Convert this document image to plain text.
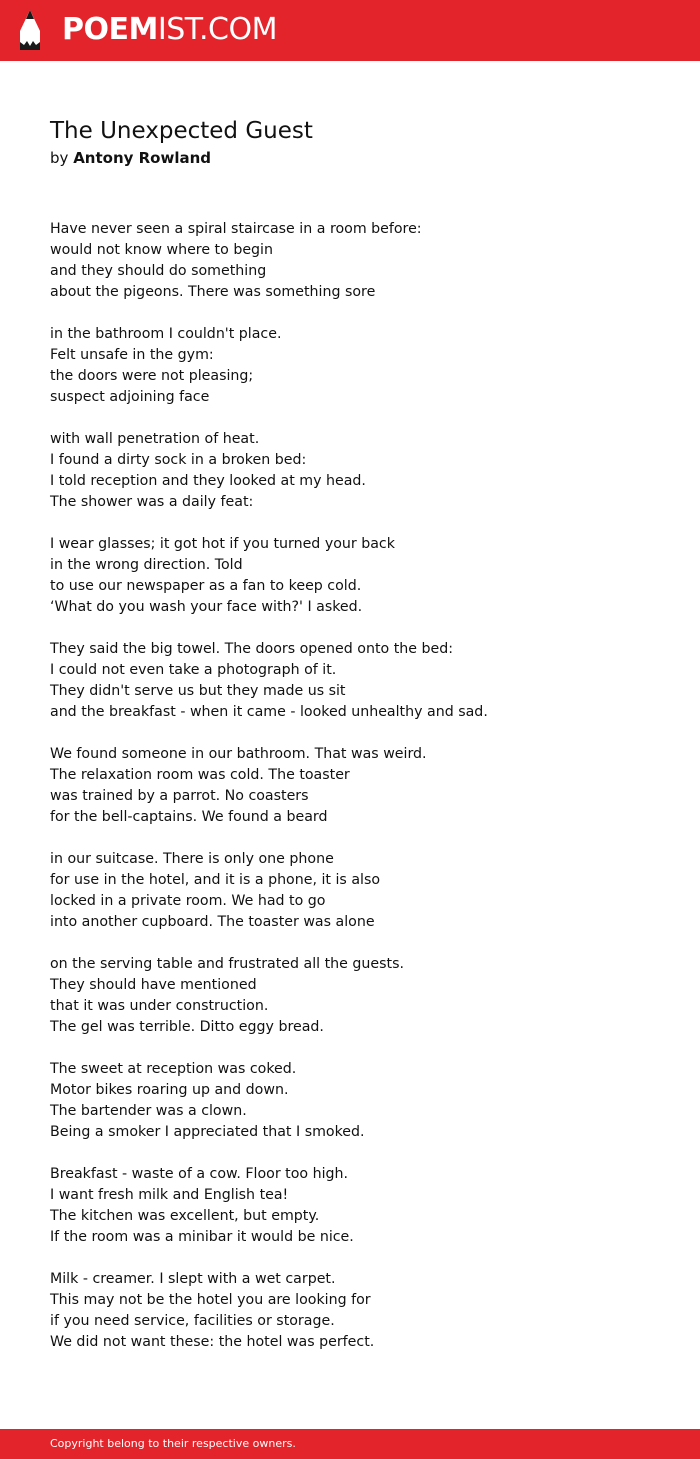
POEMIST.COM
The Unexpected Guest

by Antony Rowland

Have never seen a spiral staircase in a room before:
would not know where to begin
and they should do something
about the pigeons. There was something sore
in the bathroom I couldn't place.
Felt unsafe in the gym:
the doors were not pleasing;
suspect adjoining face
with wall penetration of heat.
I found a dirty sock in a broken bed:
I told reception and they looked at my head.
The shower was a daily feat:
I wear glasses; it got hot if you turned your back
in the wrong direction. Told
to use our newspaper as a fan to keep cold.
‘What do you wash your face with?' I asked.
They said the big towel. The doors opened onto the bed:
I could not even take a photograph of it.
They didn't serve us but they made us sit
and the breakfast - when it came - looked unhealthy and sad.
We found someone in our bathroom. That was weird.
The relaxation room was cold. The toaster
was trained by a parrot. No coasters
for the bell-captains. We found a beard
in our suitcase. There is only one phone
for use in the hotel, and it is a phone, it is also
locked in a private room. We had to go
into another cupboard. The toaster was alone
on the serving table and frustrated all the guests.
They should have mentioned
that it was under construction.
The gel was terrible. Ditto eggy bread.
The sweet at reception was coked.
Motor bikes roaring up and down.
The bartender was a clown.
Being a smoker I appreciated that I smoked.
Breakfast - waste of a cow. Floor too high.
I want fresh milk and English tea!
The kitchen was excellent, but empty.
If the room was a minibar it would be nice.
Milk - creamer. I slept with a wet carpet.
This may not be the hotel you are looking for
if you need service, facilities or storage.
We did not want these: the hotel was perfect.
Copyright belong to their respective owners.
